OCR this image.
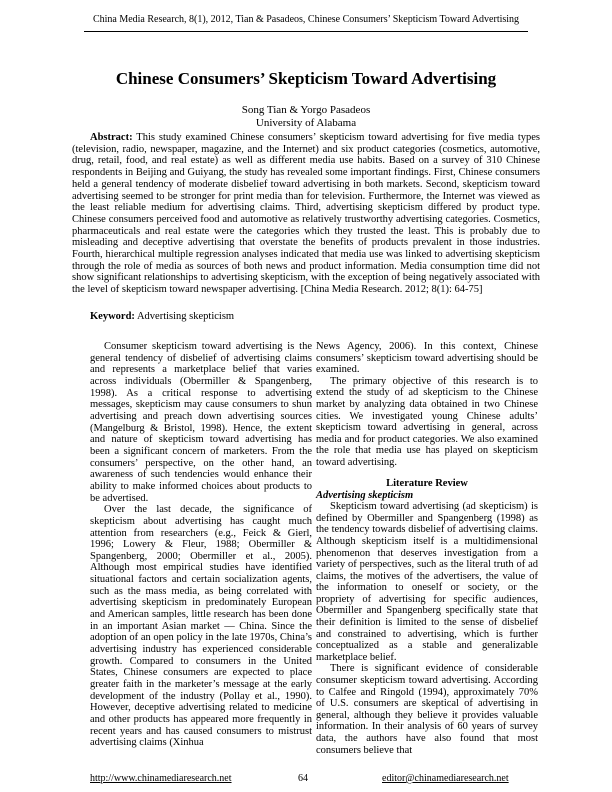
China Media Research, 8(1), 2012, Tian & Pasadeos, Chinese Consumers’ Skepticism Toward Advertising
Chinese Consumers’ Skepticism Toward Advertising
Song Tian & Yorgo Pasadeos
University of Alabama

Abstract: This study examined Chinese consumers’ skepticism toward advertising for five media types (television, radio, newspaper, magazine, and the Internet) and six product categories (cosmetics, automotive, drug, retail, food, and real estate) as well as different media use habits. Based on a survey of 310 Chinese respondents in Beijing and Guiyang, the study has revealed some important findings. First, Chinese consumers held a general tendency of moderate disbelief toward advertising in both markets. Second, skepticism toward advertising seemed to be stronger for print media than for television. Furthermore, the Internet was viewed as the least reliable medium for advertising claims. Third, advertising skepticism differed by product type. Chinese consumers perceived food and automotive as relatively trustworthy advertising categories. Cosmetics, pharmaceuticals and real estate were the categories which they trusted the least. This is probably due to misleading and deceptive advertising that overstate the benefits of products prevalent in those industries. Fourth, hierarchical multiple regression analyses indicated that media use was linked to advertising skepticism through the role of media as sources of both news and product information. Media consumption time did not show significant relationships to advertising skepticism, with the exception of being negatively associated with the level of skepticism toward newspaper advertising. [China Media Research. 2012; 8(1): 64-75]

Keyword: Advertising skepticism

Consumer skepticism toward advertising is the general tendency of disbelief of advertising claims and represents a marketplace belief that varies across individuals (Obermiller & Spangenberg, 1998). As a critical response to advertising messages, skepticism may cause consumers to shun advertising and preach down advertising sources (Mangelburg & Bristol, 1998). Hence, the extent and nature of skepticism toward advertising has been a significant concern of marketers. From the consumers’ perspective, on the other hand, an awareness of such tendencies would enhance their ability to make informed choices about products to be advertised.

Over the last decade, the significance of skepticism about advertising has caught much attention from researchers (e.g., Feick & Gierl, 1996; Lowery & Fleur, 1988; Obermiller & Spangenberg, 2000; Obermiller et al., 2005). Although most empirical studies have identified situational factors and certain socialization agents, such as the mass media, as being correlated with advertising skepticism in predominately European and American samples, little research has been done in an important Asian market ― China. Since the adoption of an open policy in the late 1970s, China’s advertising industry has experienced considerable growth. Compared to consumers in the United States, Chinese consumers are expected to place greater faith in the marketer’s message at the early development of the industry (Pollay et al., 1990). However, deceptive advertising related to medicine and other products has appeared more frequently in recent years and has caused consumers to mistrust advertising claims (Xinhua

News Agency, 2006). In this context, Chinese consumers’ skepticism toward advertising should be examined.

The primary objective of this research is to extend the study of ad skepticism to the Chinese market by analyzing data obtained in two Chinese cities. We investigated young Chinese adults’ skepticism toward advertising in general, across media and for product categories. We also examined the role that media use has played on skepticism toward advertising.

Literature Review

Advertising skepticism

Skepticism toward advertising (ad skepticism) is defined by Obermiller and Spangenberg (1998) as the tendency towards disbelief of advertising claims. Although skepticism itself is a multidimensional phenomenon that deserves investigation from a variety of perspectives, such as the literal truth of ad claims, the motives of the advertisers, the value of the information to oneself or society, or the propriety of advertising for specific audiences, Obermiller and Spangenberg specifically state that their definition is limited to the sense of disbelief and constrained to advertising, which is further conceptualized as a stable and generalizable marketplace belief.

There is significant evidence of considerable consumer skepticism toward advertising. According to Calfee and Ringold (1994), approximately 70% of U.S. consumers are skeptical of advertising in general, although they believe it provides valuable information. In their analysis of 60 years of survey data, the authors have also found that most consumers believe that

http://www.chinamediaresearch.net	64	editor@chinamediaresearch.net
